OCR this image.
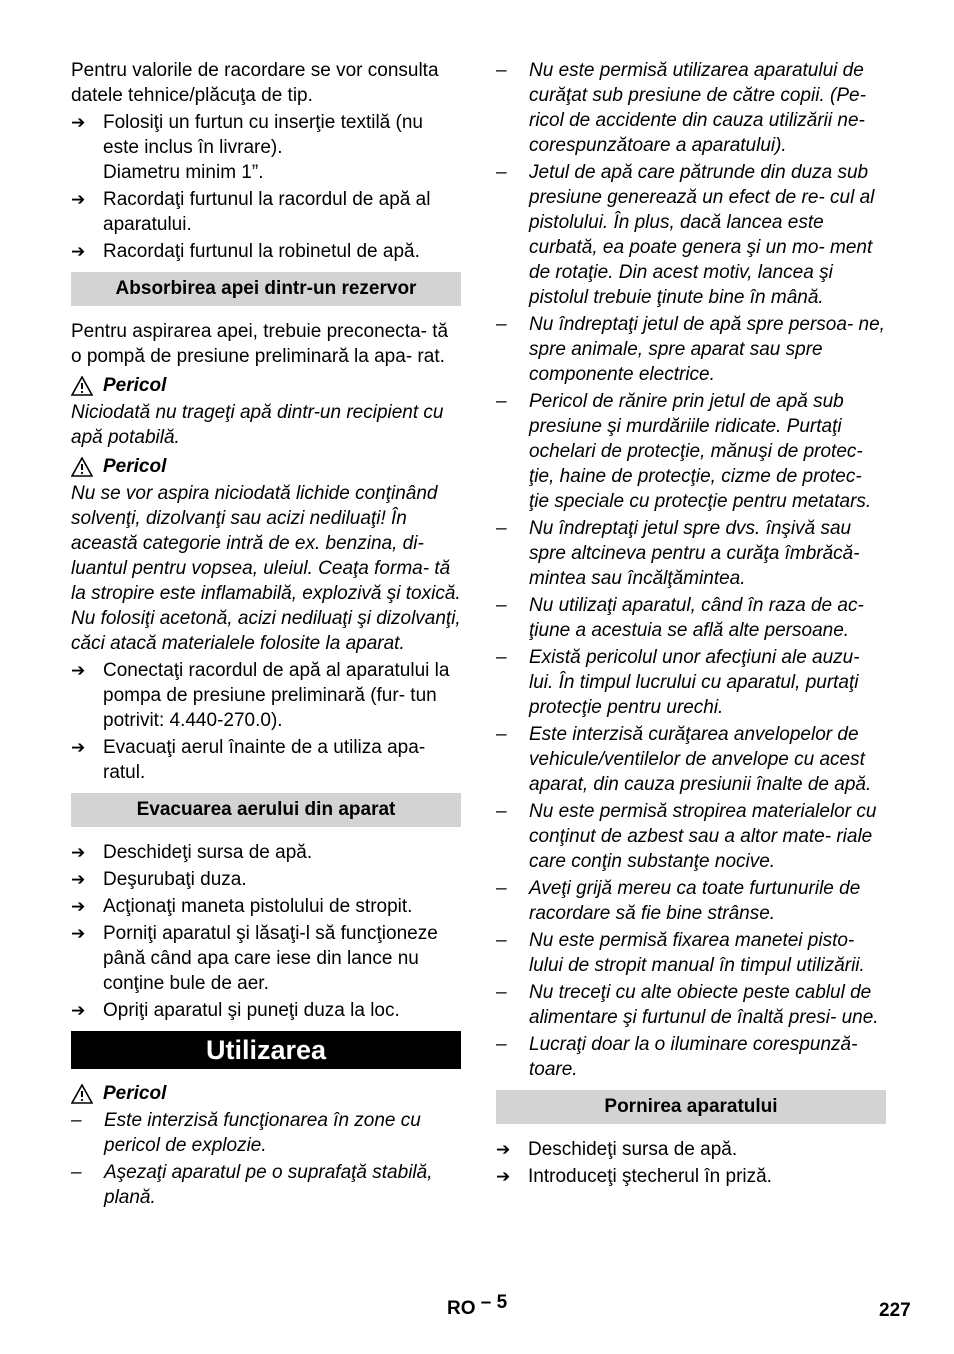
Pentru valorile de racordare se vor consulta datele tehnice/plăcuţa de tip.

➔ Folosiţi un furtun cu inserţie textilă (nu este inclus în livrare).
Diametru minim 1”.
➔ Racordaţi furtunul la racordul de apă al aparatului.
➔ Racordaţi furtunul la robinetul de apă.
Absorbirea apei dintr-un rezervor

Pentru aspirarea apei, trebuie preconecta- tă o pompă de presiune preliminară la apa- rat.

Pericol

Niciodată nu trageţi apă dintr-un recipient cu apă potabilă.

Pericol

Nu se vor aspira niciodată lichide conţinând solvenţi, dizolvanţi sau acizi nediluaţi! În această categorie intră de ex. benzina, di- luantul pentru vopsea, uleiul. Ceaţa forma- tă la stropire este inflamabilă, explozivă şi toxică. Nu folosiţi acetonă, acizi nediluaţi şi dizolvanţi, căci atacă materialele folosite la aparat.

➔ Conectaţi racordul de apă al aparatului la pompa de presiune preliminară (fur- tun potrivit: 4.440-270.0).
➔ Evacuaţi aerul înainte de a utiliza apa- ratul.
Evacuarea aerului din aparat
➔ Deschideţi sursa de apă.
➔ Deşurubaţi duza.
➔ Acţionaţi maneta pistolului de stropit.
➔ Porniţi aparatul şi lăsaţi-l să funcţioneze până când apa care iese din lance nu conţine bule de aer.
➔ Opriţi aparatul şi puneţi duza la loc.
Utilizarea
Pericol
–	Este interzisă funcţionarea în zone cu pericol de explozie.
–	Aşezaţi aparatul pe o suprafaţă stabilă, plană.
–	Nu este permisă utilizarea aparatului de curăţat sub presiune de către copii. (Pe- ricol de accidente din cauza utilizării ne- corespunzătoare a aparatului).
–	Jetul de apă care pătrunde din duza sub presiune generează un efect de re- cul al pistolului. În plus, dacă lancea este curbată, ea poate genera şi un mo- ment de rotaţie. Din acest motiv, lancea şi pistolul trebuie ţinute bine în mână.
–	Nu îndreptaţi jetul de apă spre persoa- ne, spre animale, spre aparat sau spre componente electrice.
–	Pericol de rănire prin jetul de apă sub presiune şi murdăriile ridicate. Purtaţi ochelari de protecţie, mănuşi de protec- ţie, haine de protecţie, cizme de protec- ţie speciale cu protecţie pentru metatars.
–	Nu îndreptaţi jetul spre dvs. înşivă sau spre altcineva pentru a curăţa îmbrăcă- mintea sau încălţămintea.
–	Nu utilizaţi aparatul, când în raza de ac- ţiune a acestuia se află alte persoane.
–	Există pericolul unor afecţiuni ale auzu- lui. În timpul lucrului cu aparatul, purtaţi protecţie pentru urechi.
–	Este interzisă curăţarea anvelopelor de vehicule/ventilelor de anvelope cu acest aparat, din cauza presiunii înalte de apă.
–	Nu este permisă stropirea materialelor cu conţinut de azbest sau a altor mate- riale care conţin substanţe nocive.
–	Aveţi grijă mereu ca toate furtunurile de racordare să fie bine strânse.
–	Nu este permisă fixarea manetei pisto- lului de stropit manual în timpul utilizării.
–	Nu treceţi cu alte obiecte peste cablul de alimentare şi furtunul de înaltă presi- une.
–	Lucraţi doar la o iluminare corespunză- toare.
Pornirea aparatului
➔ Deschideţi sursa de apă.
➔ Introduceţi ştecherul în priză.
RO – 5	227
